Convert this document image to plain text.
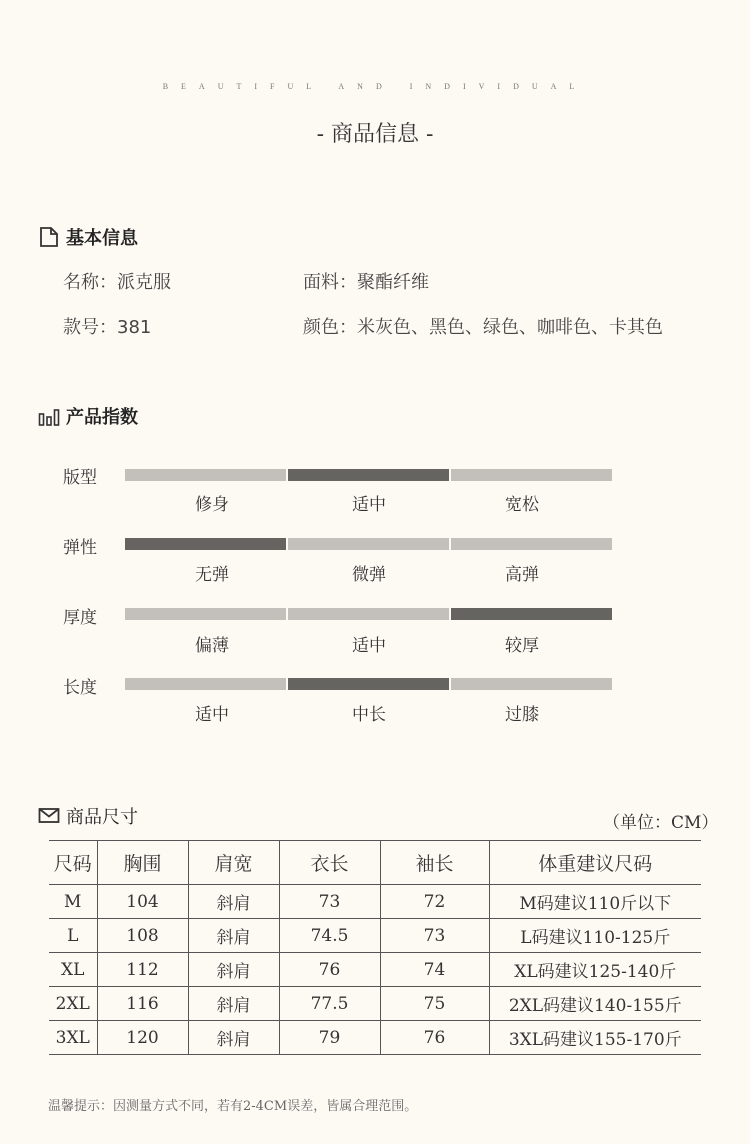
BEAUTIFUL AND INDIVIDUAL
- 商品信息 -
基本信息
名称：派克服	面料：聚酯纤维
款号：381	颜色：米灰色、黑色、绿色、咖啡色、卡其色
产品指数
版型
修身	适中	宽松
弹性
无弹	微弹	高弹
厚度
偏薄	适中	较厚
长度
适中	中长	过膝
商品尺寸	（单位：CM）
尺码	胸围	肩宽	衣长	袖长	体重建议尺码
M	104	斜肩	73	72	M码建议110斤以下
L	108	斜肩	74.5	73	L码建议110-125斤
XL	112	斜肩	76	74	XL码建议125-140斤
2XL	116	斜肩	77.5	75	2XL码建议140-155斤
3XL	120	斜肩	79	76	3XL码建议155-170斤
温馨提示：因测量方式不同，若有2-4CM误差，皆属合理范围。
